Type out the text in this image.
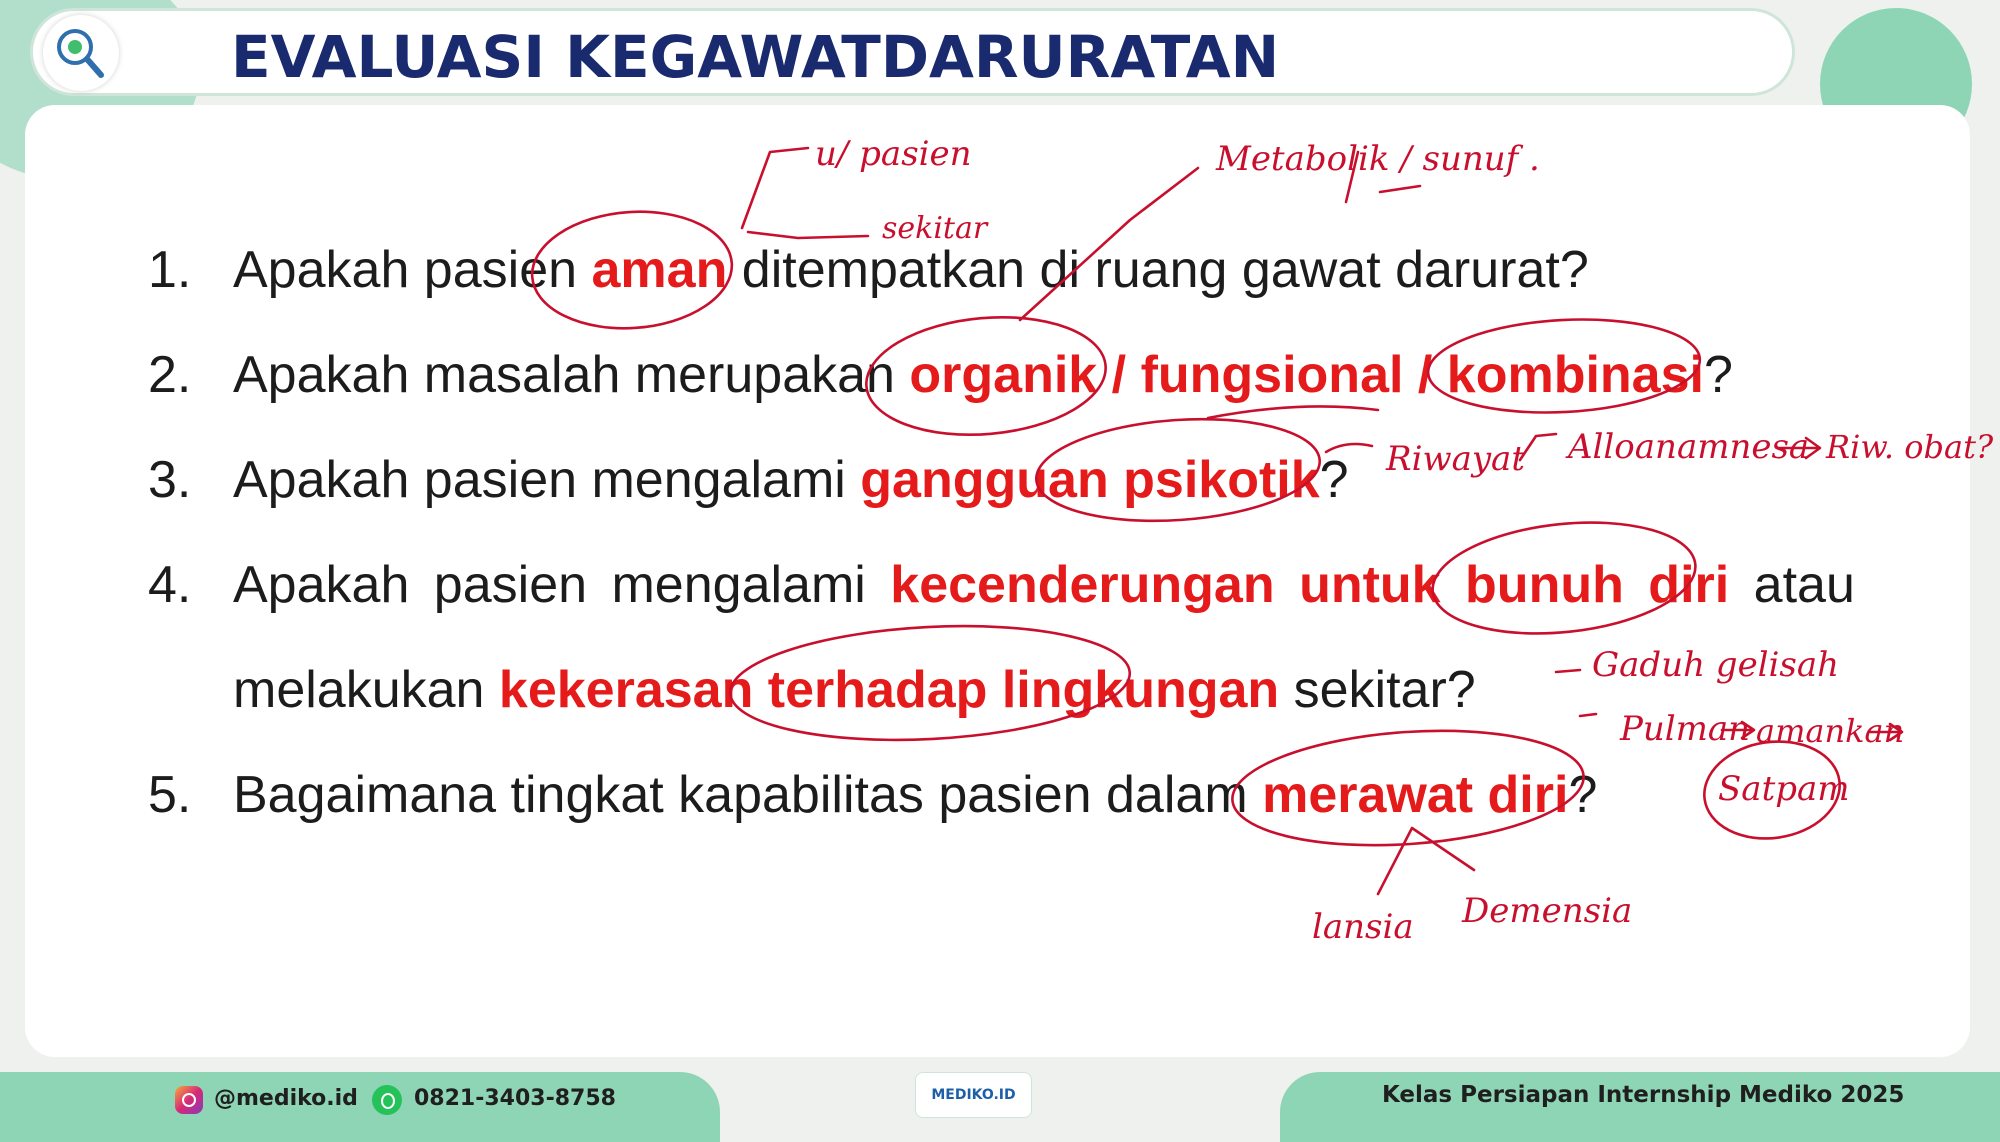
EVALUASI KEGAWATDARURATAN
1. Apakah pasien aman ditempatkan di ruang gawat darurat?
2. Apakah masalah merupakan organik / fungsional / kombinasi?
3. Apakah pasien mengalami gangguan psikotik?
4. Apakah pasien mengalami kecenderungan untuk bunuh diri atau
melakukan kekerasan terhadap lingkungan sekitar?
5. Bagaimana tingkat kapabilitas pasien dalam merawat diri?
u/ pasien
sekitar
Metabolik / sunuf .
Riwayat Alloanamnesa Riw. obat?
Gaduh gelisah
Pulman amankan
Satpam
lansia Demensia
@mediko.id	0821-3403-8758	MEDIKO.ID	Kelas Persiapan Internship Mediko 2025
